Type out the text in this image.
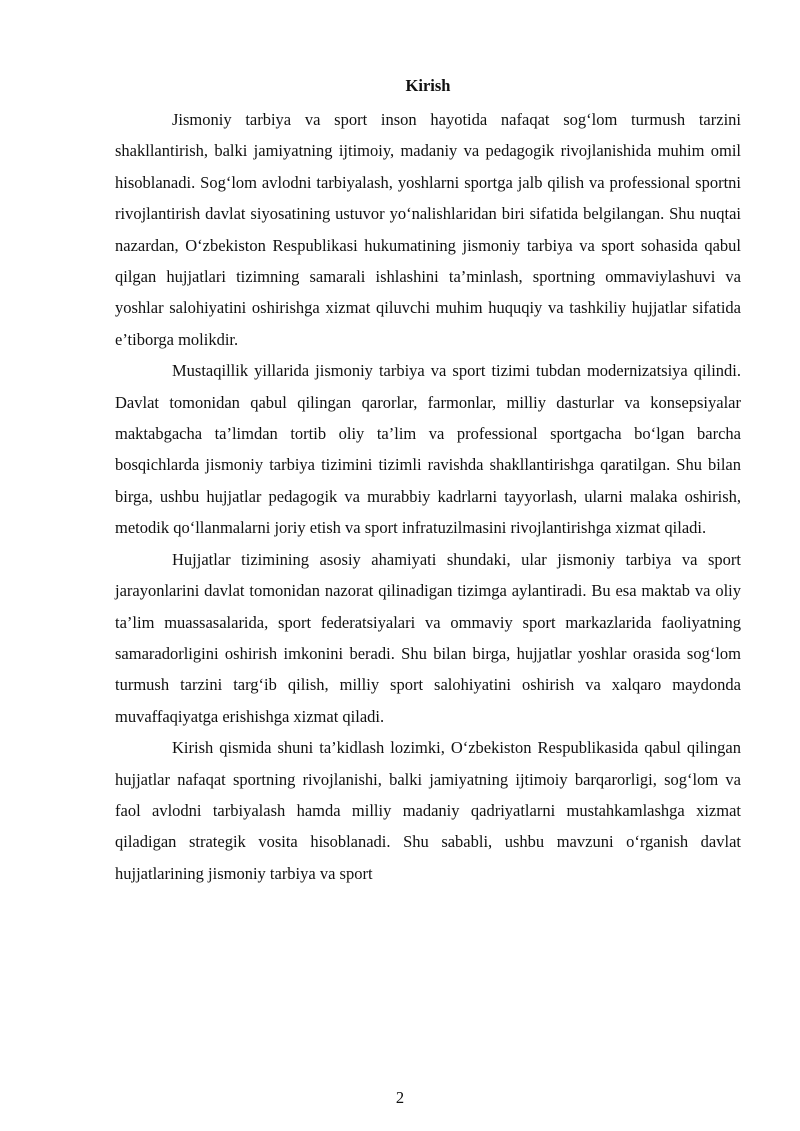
Kirish

Jismoniy tarbiya va sport inson hayotida nafaqat sog‘lom turmush tarzini shakllantirish, balki jamiyatning ijtimoiy, madaniy va pedagogik rivojlanishida muhim omil hisoblanadi. Sog‘lom avlodni tarbiyalash, yoshlarni sportga jalb qilish va professional sportni rivojlantirish davlat siyosatining ustuvor yo‘nalishlaridan biri sifatida belgilangan. Shu nuqtai nazardan, O‘zbekiston Respublikasi hukumatining jismoniy tarbiya va sport sohasida qabul qilgan hujjatlari tizimning samarali ishlashini ta’minlash, sportning ommaviylashuvi va yoshlar salohiyatini oshirishga xizmat qiluvchi muhim huquqiy va tashkiliy hujjatlar sifatida e’tiborga molikdir.

Mustaqillik yillarida jismoniy tarbiya va sport tizimi tubdan modernizatsiya qilindi. Davlat tomonidan qabul qilingan qarorlar, farmonlar, milliy dasturlar va konsepsiyalar maktabgacha ta’limdan tortib oliy ta’lim va professional sportgacha bo‘lgan barcha bosqichlarda jismoniy tarbiya tizimini tizimli ravishda shakllantirishga qaratilgan. Shu bilan birga, ushbu hujjatlar pedagogik va murabbiy kadrlarni tayyorlash, ularni malaka oshirish, metodik qo‘llanmalarni joriy etish va sport infratuzilmasini rivojlantirishga xizmat qiladi.

Hujjatlar tizimining asosiy ahamiyati shundaki, ular jismoniy tarbiya va sport jarayonlarini davlat tomonidan nazorat qilinadigan tizimga aylantiradi. Bu esa maktab va oliy ta’lim muassasalarida, sport federatsiyalari va ommaviy sport markazlarida faoliyatning samaradorligini oshirish imkonini beradi. Shu bilan birga, hujjatlar yoshlar orasida sog‘lom turmush tarzini targ‘ib qilish, milliy sport salohiyatini oshirish va xalqaro maydonda muvaffaqiyatga erishishga xizmat qiladi.

Kirish qismida shuni ta’kidlash lozimki, O‘zbekiston Respublikasida qabul qilingan hujjatlar nafaqat sportning rivojlanishi, balki jamiyatning ijtimoiy barqarorligi, sog‘lom va faol avlodni tarbiyalash hamda milliy madaniy qadriyatlarni mustahkamlashga xizmat qiladigan strategik vosita hisoblanadi. Shu sababli, ushbu mavzuni o‘rganish davlat hujjatlarining jismoniy tarbiya va sport

2
